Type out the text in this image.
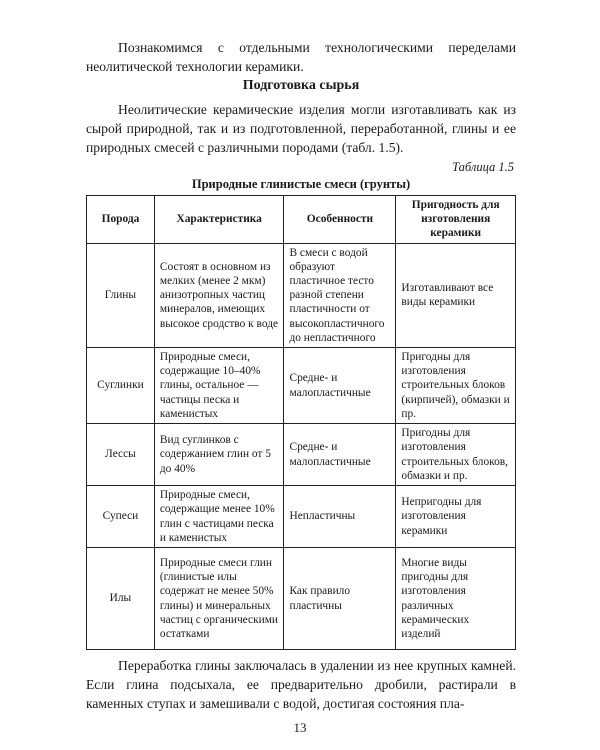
Познакомимся с отдельными технологическими переделами неолитической технологии керамики.

Подготовка сырья

Неолитические керамические изделия могли изготавливать как из сырой природной, так и из подготовленной, переработанной, глины и ее природных смесей с различными породами (табл. 1.5).

Таблица 1.5
Природные глинистые смеси (грунты)
Порода	Характеристика	Особенности	Пригодность для изготовления керамики
Глины	Состоят в основном из мелких (менее 2 мкм) анизотропных частиц минералов, имеющих высокое сродство к воде	В смеси с водой образуют пластичное тесто разной степени пластичности от высокопластичного до непластичного	Изготавливают все виды керамики
Суглинки	Природные смеси, содержащие 10–40% глины, остальное — частицы песка и каменистых	Средне- и малопластичные	Пригодны для изготовления строительных блоков (кирпичей), обмазки и пр.
Лессы	Вид суглинков с содержанием глин от 5 до 40%	Средне- и малопластичные	Пригодны для изготовления строительных блоков, обмазки и пр.
Супеси	Природные смеси, содержащие менее 10% глин с частицами песка и каменистых	Непластичны	Непригодны для изготовления керамики
Илы	Природные смеси глин (глинистые илы содержат не менее 50% глины) и минеральных частиц с органическими остатками	Как правило пластичны	Многие виды пригодны для изготовления различных керамических изделий

Переработка глины заключалась в удалении из нее крупных камней. Если глина подсыхала, ее предварительно дробили, растирали в каменных ступах и замешивали с водой, достигая состояния пла-

13
